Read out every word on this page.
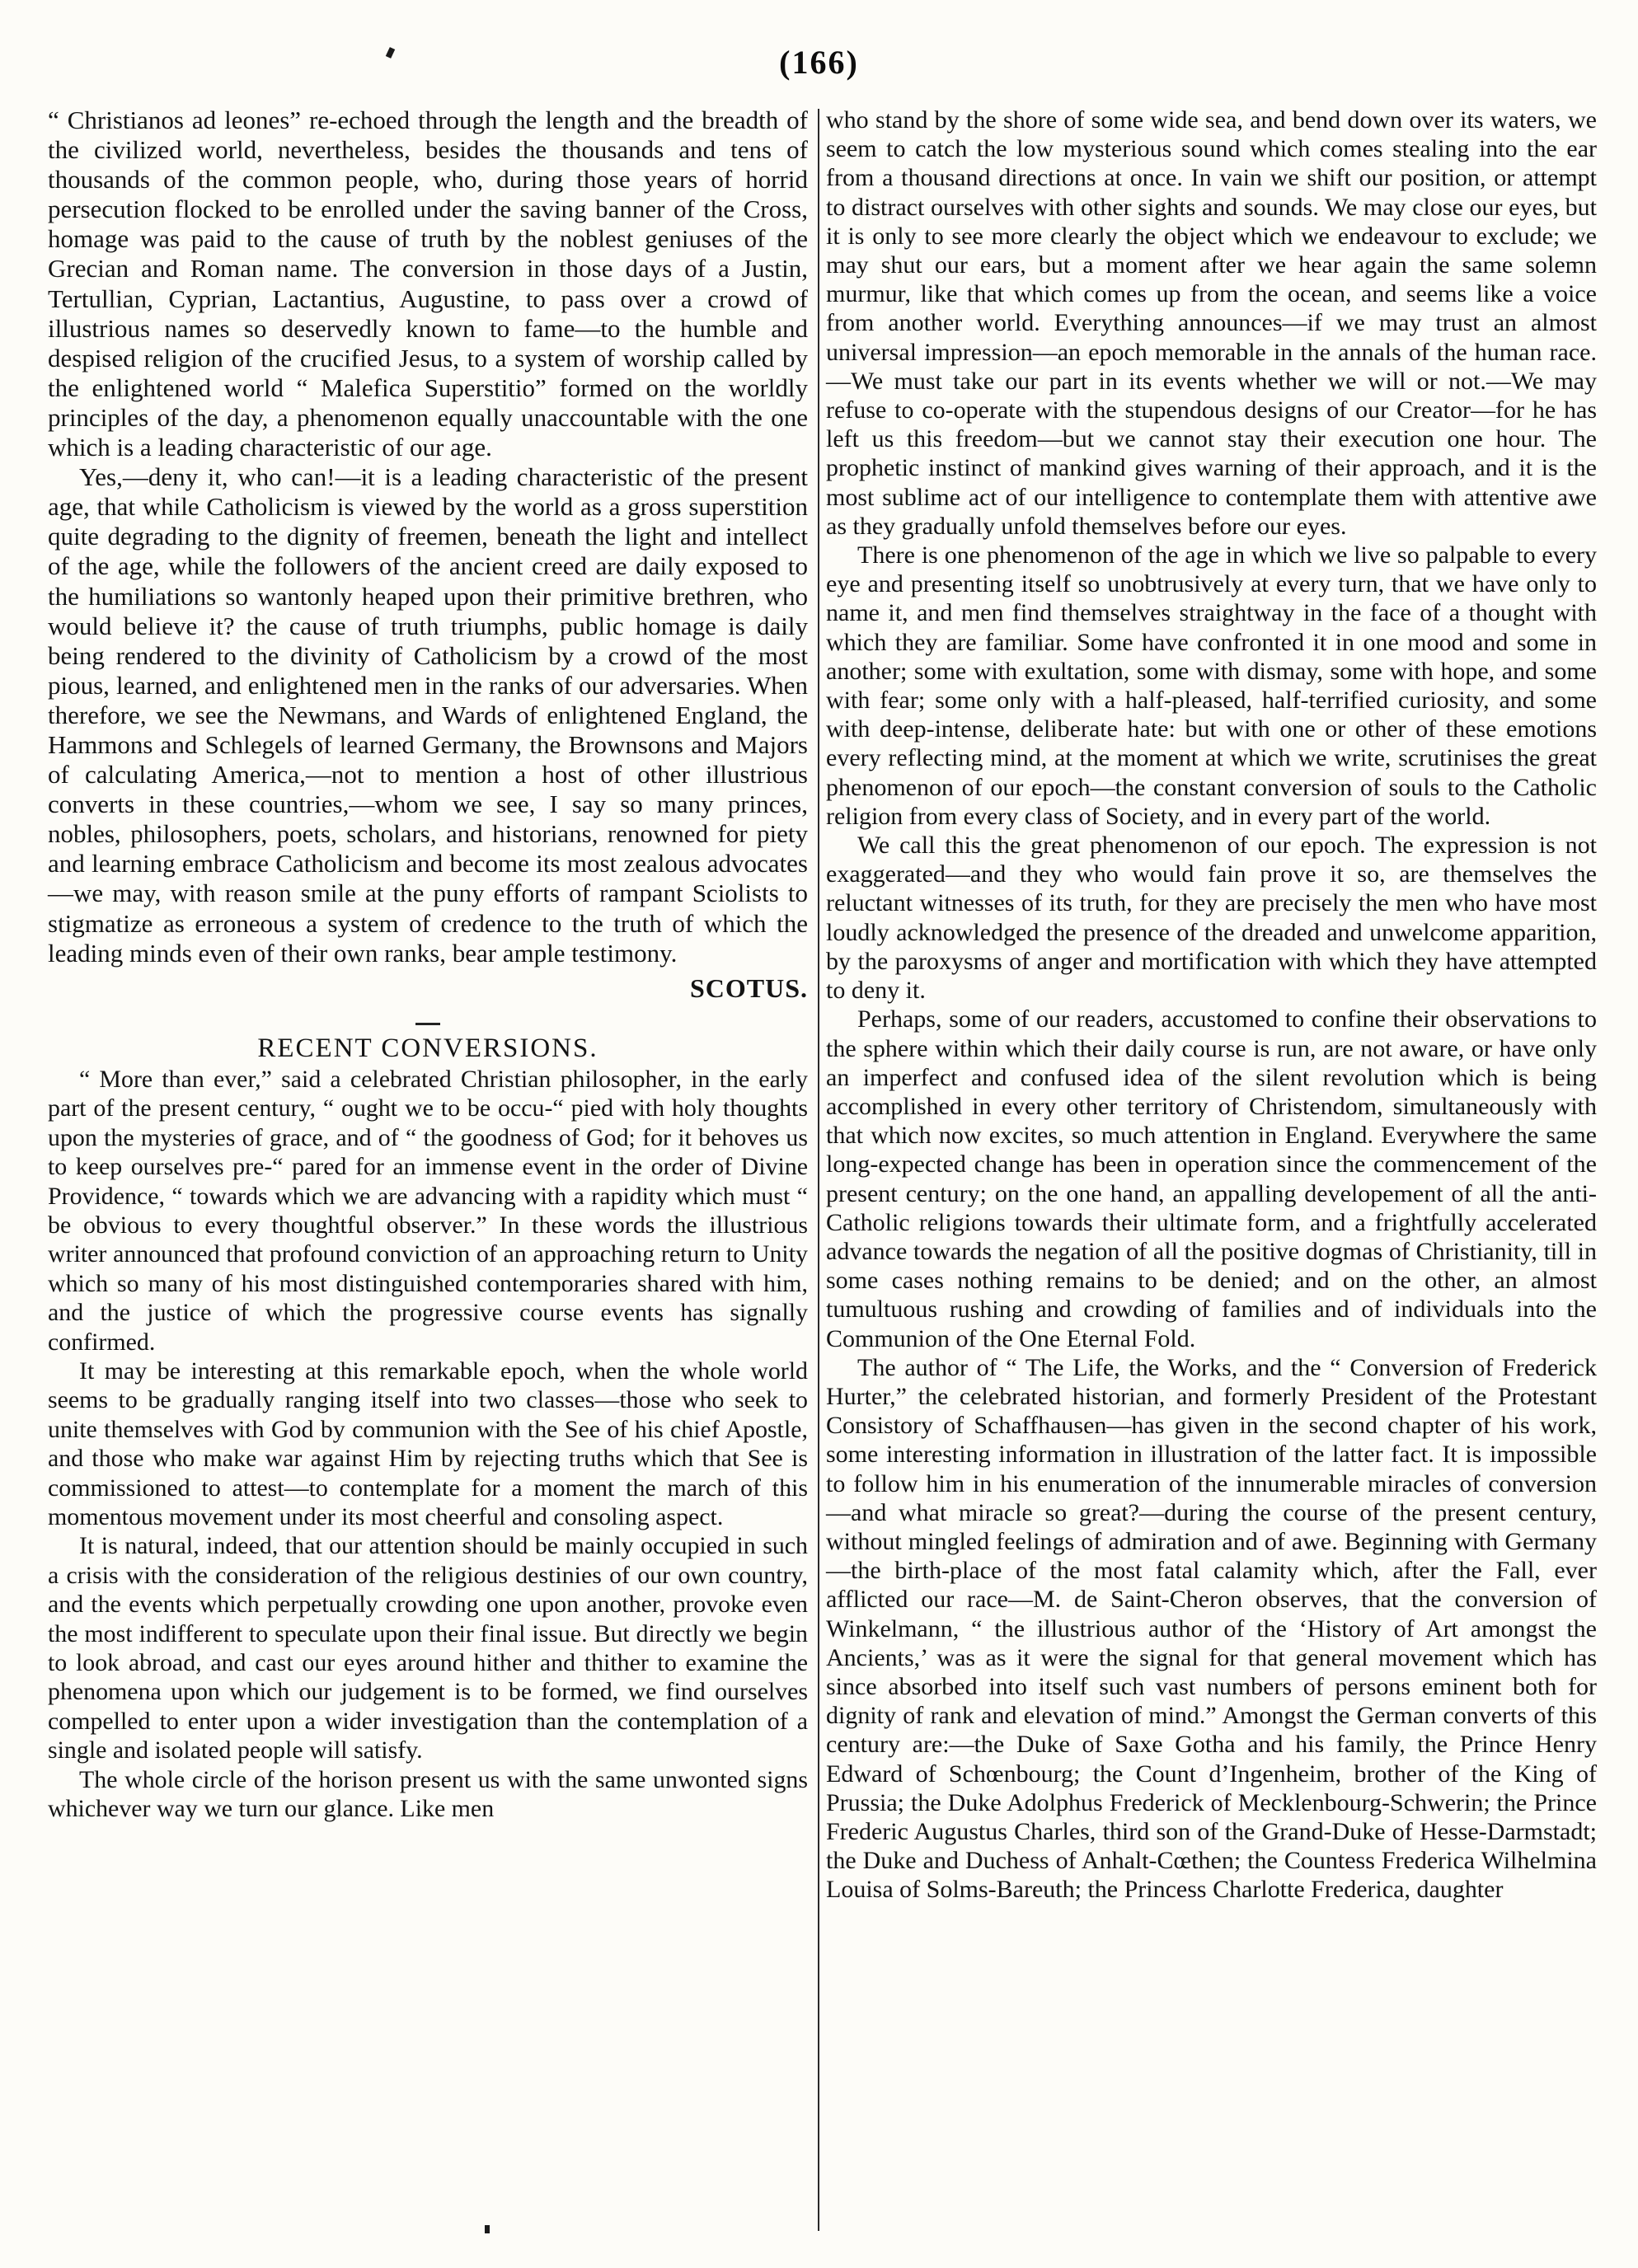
(166)

“ Christianos ad leones” re-echoed through the length and the breadth of the civilized world, nevertheless, besides the thousands and tens of thousands of the common people, who, during those years of horrid persecution flocked to be enrolled under the saving banner of the Cross, homage was paid to the cause of truth by the noblest geniuses of the Grecian and Roman name. The conversion in those days of a Justin, Tertullian, Cyprian, Lactantius, Augustine, to pass over a crowd of illustrious names so deservedly known to fame—to the humble and despised religion of the crucified Jesus, to a system of worship called by the enlightened world “ Malefica Superstitio” formed on the worldly principles of the day, a phenomenon equally unaccountable with the one which is a leading characteristic of our age.

Yes,—deny it, who can!—it is a leading characteristic of the present age, that while Catholicism is viewed by the world as a gross superstition quite degrading to the dignity of freemen, beneath the light and intellect of the age, while the followers of the ancient creed are daily exposed to the humiliations so wantonly heaped upon their primitive brethren, who would believe it? the cause of truth triumphs, public homage is daily being rendered to the divinity of Catholicism by a crowd of the most pious, learned, and enlightened men in the ranks of our adversaries. When therefore, we see the Newmans, and Wards of enlightened England, the Hammons and Schlegels of learned Germany, the Brownsons and Majors of calculating America,—not to mention a host of other illustrious converts in these countries,—whom we see, I say so many princes, nobles, philosophers, poets, scholars, and historians, renowned for piety and learning embrace Catholicism and become its most zealous advocates—we may, with reason smile at the puny efforts of rampant Sciolists to stigmatize as erroneous a system of credence to the truth of which the leading minds even of their own ranks, bear ample testimony.

SCOTUS.

RECENT CONVERSIONS.

“ More than ever,” said a celebrated Christian philosopher, in the early part of the present century, “ ought we to be occu-“ pied with holy thoughts upon the mysteries of grace, and of “ the goodness of God; for it behoves us to keep ourselves pre-“ pared for an immense event in the order of Divine Providence, “ towards which we are advancing with a rapidity which must “ be obvious to every thoughtful observer.” In these words the illustrious writer announced that profound conviction of an approaching return to Unity which so many of his most distinguished contemporaries shared with him, and the justice of which the progressive course events has signally confirmed.

It may be interesting at this remarkable epoch, when the whole world seems to be gradually ranging itself into two classes—those who seek to unite themselves with God by communion with the See of his chief Apostle, and those who make war against Him by rejecting truths which that See is commissioned to attest—to contemplate for a moment the march of this momentous movement under its most cheerful and consoling aspect.

It is natural, indeed, that our attention should be mainly occupied in such a crisis with the consideration of the religious destinies of our own country, and the events which perpetually crowding one upon another, provoke even the most indifferent to speculate upon their final issue. But directly we begin to look abroad, and cast our eyes around hither and thither to examine the phenomena upon which our judgement is to be formed, we find ourselves compelled to enter upon a wider investigation than the contemplation of a single and isolated people will satisfy.

The whole circle of the horison present us with the same unwonted signs whichever way we turn our glance. Like men

who stand by the shore of some wide sea, and bend down over its waters, we seem to catch the low mysterious sound which comes stealing into the ear from a thousand directions at once. In vain we shift our position, or attempt to distract ourselves with other sights and sounds. We may close our eyes, but it is only to see more clearly the object which we endeavour to exclude; we may shut our ears, but a moment after we hear again the same solemn murmur, like that which comes up from the ocean, and seems like a voice from another world. Everything announces—if we may trust an almost universal impression—an epoch memorable in the annals of the human race.—We must take our part in its events whether we will or not.—We may refuse to co-operate with the stupendous designs of our Creator—for he has left us this freedom—but we cannot stay their execution one hour. The prophetic instinct of mankind gives warning of their approach, and it is the most sublime act of our intelligence to contemplate them with attentive awe as they gradually unfold themselves before our eyes.

There is one phenomenon of the age in which we live so palpable to every eye and presenting itself so unobtrusively at every turn, that we have only to name it, and men find themselves straightway in the face of a thought with which they are familiar. Some have confronted it in one mood and some in another; some with exultation, some with dismay, some with hope, and some with fear; some only with a half-pleased, half-terrified curiosity, and some with deep-intense, deliberate hate: but with one or other of these emotions every reflecting mind, at the moment at which we write, scrutinises the great phenomenon of our epoch—the constant conversion of souls to the Catholic religion from every class of Society, and in every part of the world.

We call this the great phenomenon of our epoch. The expression is not exaggerated—and they who would fain prove it so, are themselves the reluctant witnesses of its truth, for they are precisely the men who have most loudly acknowledged the presence of the dreaded and unwelcome apparition, by the paroxysms of anger and mortification with which they have attempted to deny it.

Perhaps, some of our readers, accustomed to confine their observations to the sphere within which their daily course is run, are not aware, or have only an imperfect and confused idea of the silent revolution which is being accomplished in every other territory of Christendom, simultaneously with that which now excites, so much attention in England. Everywhere the same long-expected change has been in operation since the commencement of the present century; on the one hand, an appalling developement of all the anti-Catholic religions towards their ultimate form, and a frightfully accelerated advance towards the negation of all the positive dogmas of Christianity, till in some cases nothing remains to be denied; and on the other, an almost tumultuous rushing and crowding of families and of individuals into the Communion of the One Eternal Fold.

The author of “ The Life, the Works, and the “ Conversion of Frederick Hurter,” the celebrated historian, and formerly President of the Protestant Consistory of Schaffhausen—has given in the second chapter of his work, some interesting information in illustration of the latter fact. It is impossible to follow him in his enumeration of the innumerable miracles of conversion—and what miracle so great?—during the course of the present century, without mingled feelings of admiration and of awe. Beginning with Germany—the birth-place of the most fatal calamity which, after the Fall, ever afflicted our race—M. de Saint-Cheron observes, that the conversion of Winkelmann, “ the illustrious author of the ‘History of Art amongst the Ancients,’ was as it were the signal for that general movement which has since absorbed into itself such vast numbers of persons eminent both for dignity of rank and elevation of mind.” Amongst the German converts of this century are:—the Duke of Saxe Gotha and his family, the Prince Henry Edward of Schœnbourg; the Count d’Ingenheim, brother of the King of Prussia; the Duke Adolphus Frederick of Mecklenbourg-Schwerin; the Prince Frederic Augustus Charles, third son of the Grand-Duke of Hesse-Darmstadt; the Duke and Duchess of Anhalt-Cœthen; the Countess Frederica Wilhelmina Louisa of Solms-Bareuth; the Princess Charlotte Frederica, daughter
